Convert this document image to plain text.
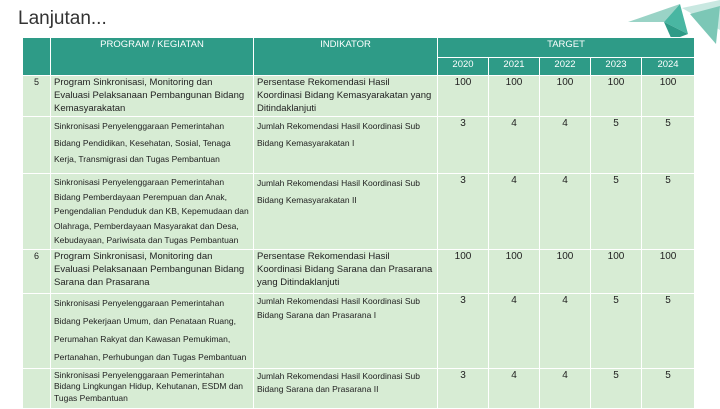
Lanjutan...
	PROGRAM / KEGIATAN	INDIKATOR	TARGET				
			2020	2021	2022	2023	2024
5	Program Sinkronisasi, Monitoring dan Evaluasi Pelaksanaan Pembangunan Bidang Kemasyarakatan	Persentase Rekomendasi Hasil Koordinasi Bidang Kemasyarakatan yang Ditindaklanjuti	100	100	100	100	100
	Sinkronisasi Penyelenggaraan Pemerintahan Bidang Pendidikan, Kesehatan, Sosial, Tenaga Kerja, Transmigrasi dan Tugas Pembantuan	Jumlah Rekomendasi Hasil Koordinasi Sub Bidang Kemasyarakatan I	3	4	4	5	5
	Sinkronisasi Penyelenggaraan Pemerintahan Bidang Pemberdayaan Perempuan dan Anak, Pengendalian Penduduk dan KB, Kepemudaan dan Olahraga, Pemberdayaan Masyarakat dan Desa, Kebudayaan, Pariwisata dan Tugas Pembantuan	Jumlah Rekomendasi Hasil Koordinasi Sub Bidang Kemasyarakatan II	3	4	4	5	5
6	Program Sinkronisasi, Monitoring dan Evaluasi Pelaksanaan Pembangunan Bidang Sarana dan Prasarana	Persentase Rekomendasi Hasil Koordinasi Bidang Sarana dan Prasarana yang Ditindaklanjuti	100	100	100	100	100
	Sinkronisasi Penyelenggaraan Pemerintahan Bidang Pekerjaan Umum, dan Penataan Ruang, Perumahan Rakyat dan Kawasan Pemukiman, Pertanahan, Perhubungan dan Tugas Pembantuan	Jumlah Rekomendasi Hasil Koordinasi Sub Bidang Sarana dan Prasarana I	3	4	4	5	5
	Sinkronisasi Penyelenggaraan Pemerintahan Bidang Lingkungan Hidup, Kehutanan, ESDM dan Tugas Pembantuan	Jumlah Rekomendasi Hasil Koordinasi Sub Bidang Sarana dan Prasarana II	3	4	4	5	5
